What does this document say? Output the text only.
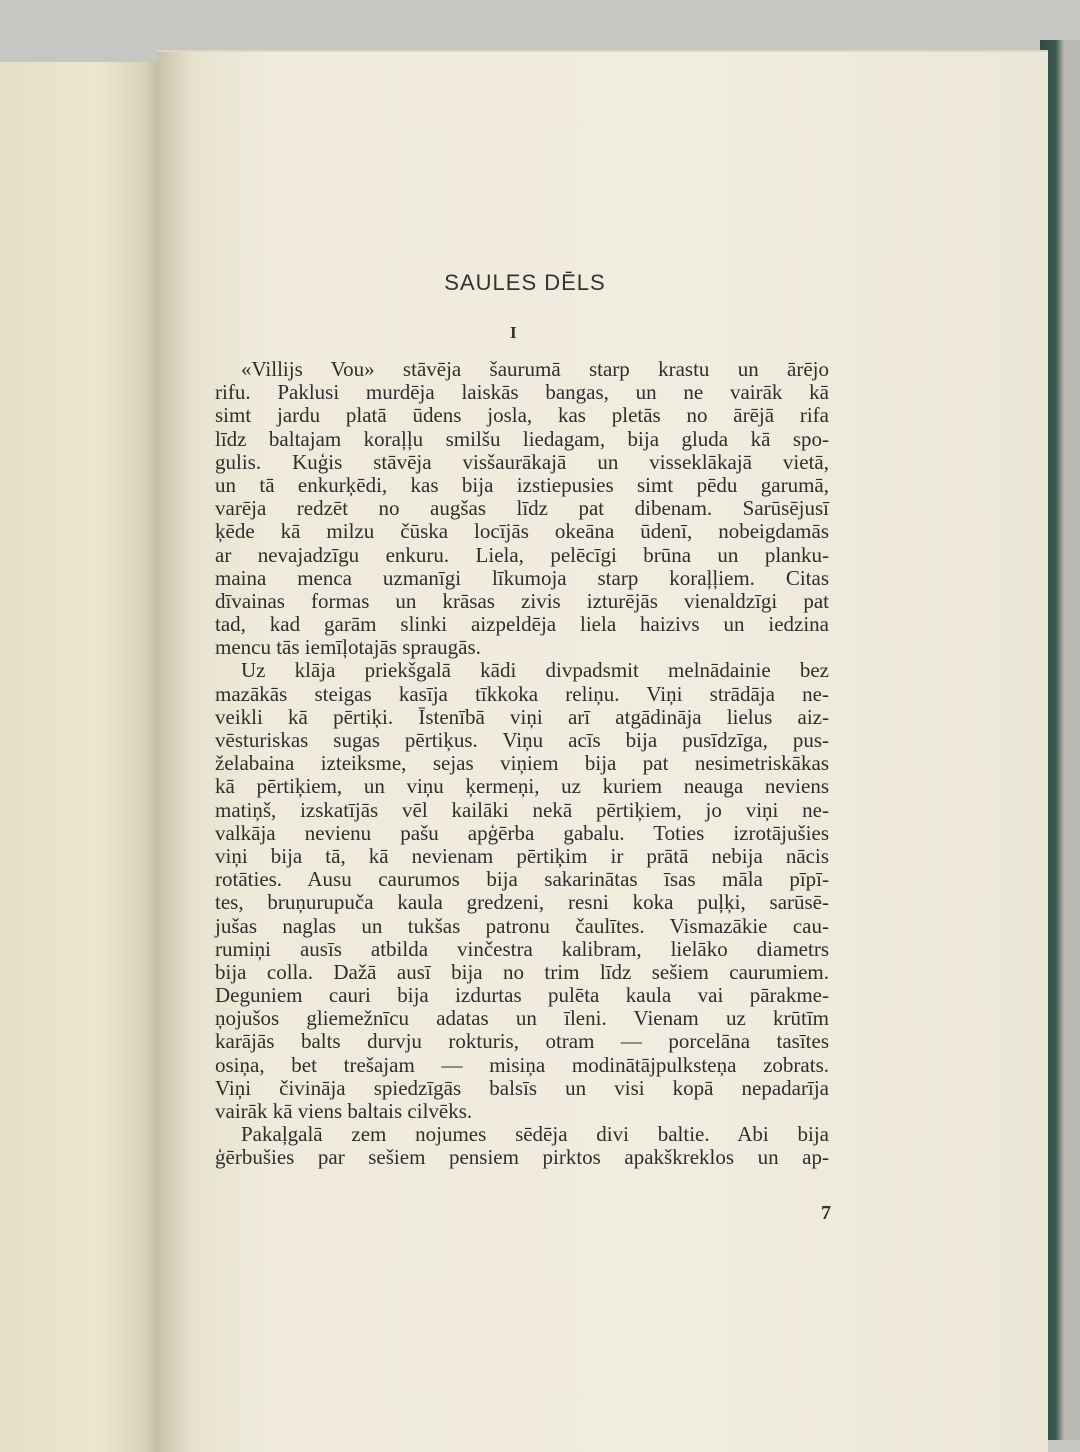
SAULES DĒLS
I
«Villijs Vou» stāvēja šaurumā starp krastu un ārējo
rifu. Paklusi murdēja laiskās bangas, un ne vairāk kā
simt jardu platā ūdens josla, kas pletās no ārējā rifa
līdz baltajam koraļļu smilšu liedagam, bija gluda kā spo-
gulis. Kuģis stāvēja visšaurākajā un visseklākajā vietā,
un tā enkurķēdi, kas bija izstiepusies simt pēdu garumā,
varēja redzēt no augšas līdz pat dibenam. Sarūsējusī
ķēde kā milzu čūska locījās okeāna ūdenī, nobeigdamās
ar nevajadzīgu enkuru. Liela, pelēcīgi brūna un planku-
maina menca uzmanīgi līkumoja starp koraļļiem. Citas
dīvainas formas un krāsas zivis izturējās vienaldzīgi pat
tad, kad garām slinki aizpeldēja liela haizivs un iedzina
mencu tās iemīļotajās spraugās.
Uz klāja priekšgalā kādi divpadsmit melnādainie bez
mazākās steigas kasīja tīkkoka reliņu. Viņi strādāja ne-
veikli kā pērtiķi. Īstenībā viņi arī atgādināja lielus aiz-
vēsturiskas sugas pērtiķus. Viņu acīs bija pusīdzīga, pus-
želabaina izteiksme, sejas viņiem bija pat nesimetriskākas
kā pērtiķiem, un viņu ķermeņi, uz kuriem neauga neviens
matiņš, izskatījās vēl kailāki nekā pērtiķiem, jo viņi ne-
valkāja nevienu pašu apģērba gabalu. Toties izrotājušies
viņi bija tā, kā nevienam pērtiķim ir prātā nebija nācis
rotāties. Ausu caurumos bija sakarinātas īsas māla pīpī-
tes, bruņurupuča kaula gredzeni, resni koka puļķi, sarūsē-
jušas naglas un tukšas patronu čaulītes. Vismazākie cau-
rumiņi ausīs atbilda vinčestra kalibram, lielāko diametrs
bija colla. Dažā ausī bija no trim līdz sešiem caurumiem.
Deguniem cauri bija izdurtas pulēta kaula vai pārakme-
ņojušos gliemežnīcu adatas un īleni. Vienam uz krūtīm
karājās balts durvju rokturis, otram — porcelāna tasītes
osiņa, bet trešajam — misiņa modinātājpulksteņa zobrats.
Viņi čivināja spiedzīgās balsīs un visi kopā nepadarīja
vairāk kā viens baltais cilvēks.
Pakaļgalā zem nojumes sēdēja divi baltie. Abi bija
ģērbušies par sešiem pensiem pirktos apakškreklos un ap-
7
